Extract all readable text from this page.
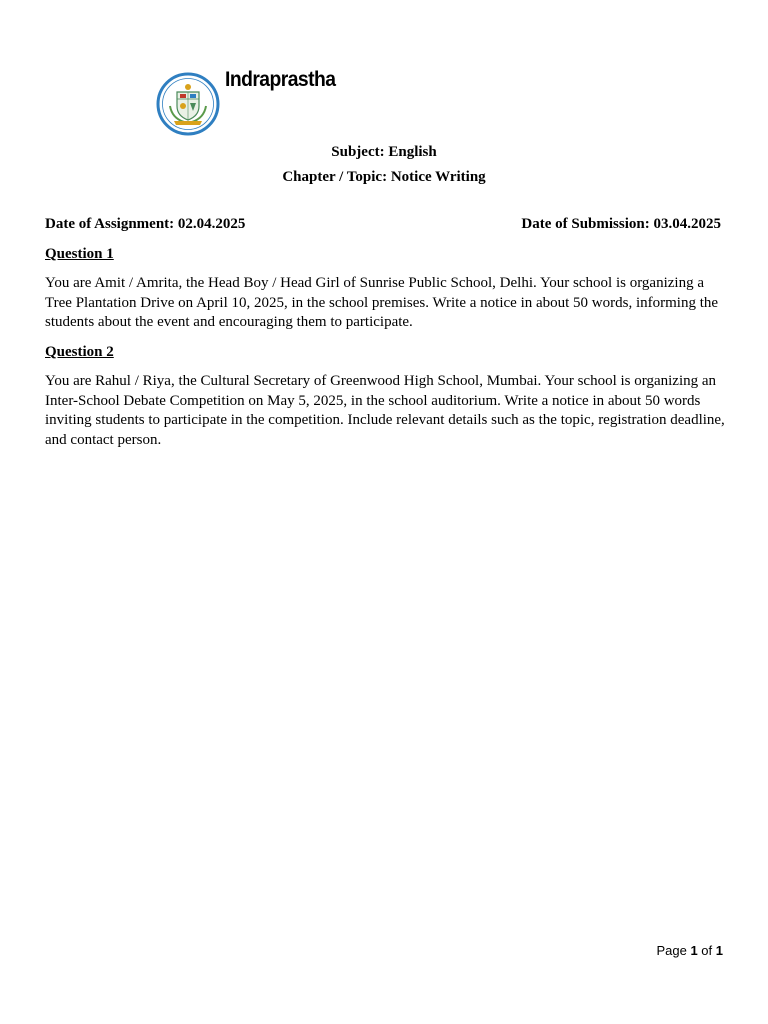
Indraprastha
Subject: English
Chapter / Topic: Notice Writing
Date of Assignment: 02.04.2025	Date of Submission: 03.04.2025
Question 1
You are Amit / Amrita, the Head Boy / Head Girl of Sunrise Public School, Delhi. Your school is organizing a Tree Plantation Drive on April 10, 2025, in the school premises. Write a notice in about 50 words, informing the students about the event and encouraging them to participate.
Question 2
You are Rahul / Riya, the Cultural Secretary of Greenwood High School, Mumbai. Your school is organizing an Inter-School Debate Competition on May 5, 2025, in the school auditorium. Write a notice in about 50 words inviting students to participate in the competition. Include relevant details such as the topic, registration deadline, and contact person.
Page 1 of 1
